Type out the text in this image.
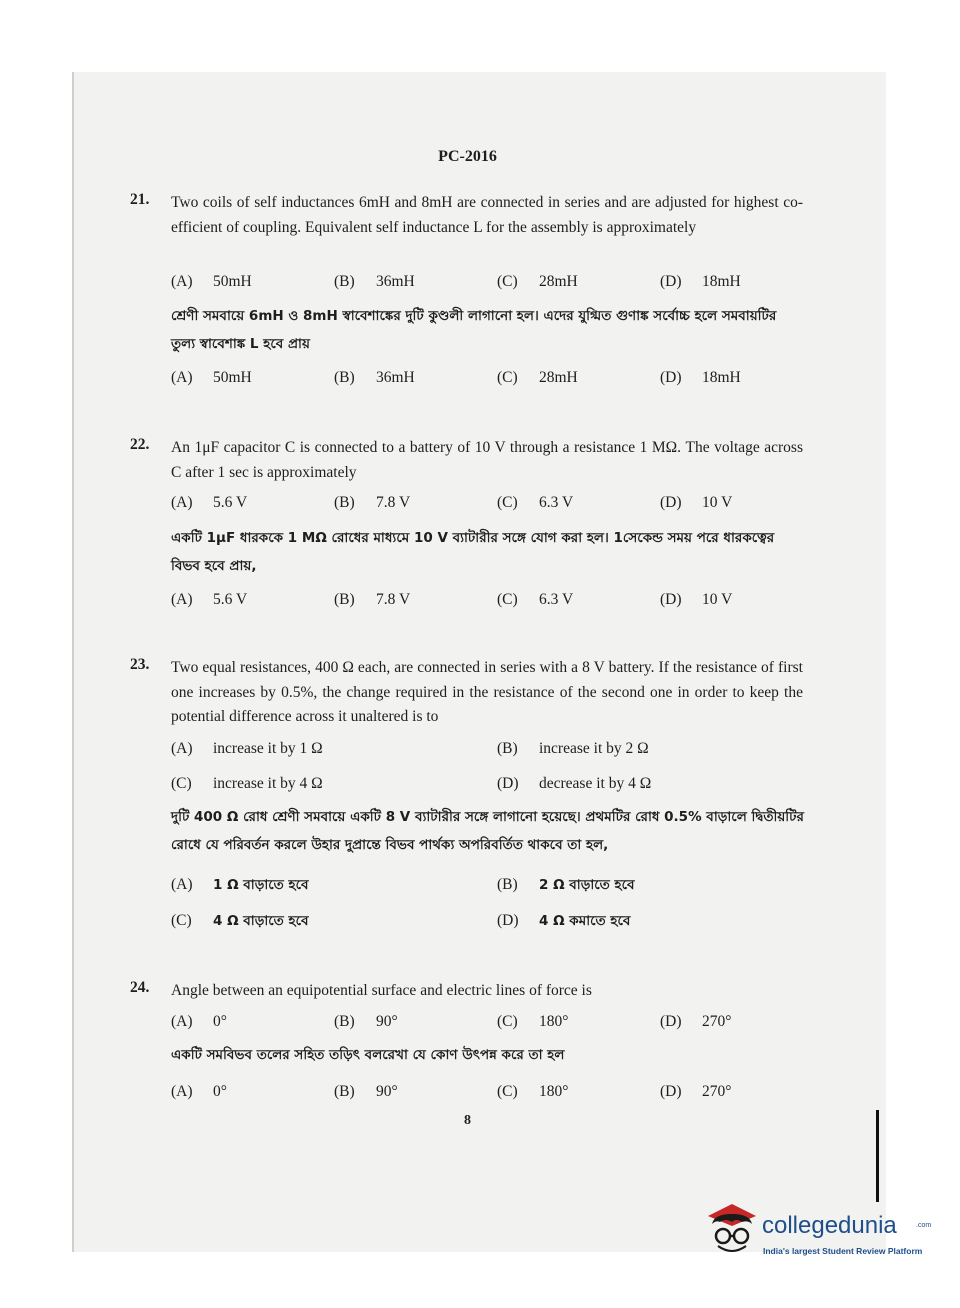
PC-2016
21. Two coils of self inductances 6mH and 8mH are connected in series and are adjusted for highest co-efficient of coupling. Equivalent self inductance L for the assembly is approximately
(A) 50mH	(B) 36mH	(C) 28mH	(D) 18mH
শ্রেণী সমবায়ে 6mH ও 8mH স্বাবেশাঙ্কের দুটি কুণ্ডলী লাগানো হল। এদের যুগ্মিত গুণাঙ্ক সর্বোচ্চ হলে সমবায়টির তুল্য স্বাবেশাঙ্ক L হবে প্রায়
(A) 50mH	(B) 36mH	(C) 28mH	(D) 18mH
22. An 1μF capacitor C is connected to a battery of 10 V through a resistance 1 MΩ. The voltage across C after 1 sec is approximately
(A) 5.6 V	(B) 7.8 V	(C) 6.3 V	(D) 10 V
একটি 1μF ধারককে 1 MΩ রোধের মাধ্যমে 10 V ব্যাটারীর সঙ্গে যোগ করা হল। 1সেকেন্ড সময় পরে ধারকত্বের বিভব হবে প্রায়,
(A) 5.6 V	(B) 7.8 V	(C) 6.3 V	(D) 10 V
23. Two equal resistances, 400 Ω each, are connected in series with a 8 V battery. If the resistance of first one increases by 0.5%, the change required in the resistance of the second one in order to keep the potential difference across it unaltered is to
(A) increase it by 1 Ω	(B) increase it by 2 Ω
(C) increase it by 4 Ω	(D) decrease it by 4 Ω
দুটি 400 Ω রোধ শ্রেণী সমবায়ে একটি 8 V ব্যাটারীর সঙ্গে লাগানো হয়েছে। প্রথমটির রোধ 0.5% বাড়ালে দ্বিতীয়টির রোধে যে পরিবর্তন করলে উহার দুপ্রান্তে বিভব পার্থক্য অপরিবর্তিত থাকবে তা হল,
(A) 1 Ω বাড়াতে হবে	(B) 2 Ω বাড়াতে হবে
(C) 4 Ω বাড়াতে হবে	(D) 4 Ω কমাতে হবে
24. Angle between an equipotential surface and electric lines of force is
(A) 0°	(B) 90°	(C) 180°	(D) 270°
একটি সমবিভব তলের সহিত তড়িৎ বলরেখা যে কোণ উৎপন্ন করে তা হল
(A) 0°	(B) 90°	(C) 180°	(D) 270°
8
collegedunia	.com
India's largest Student Review Platform
